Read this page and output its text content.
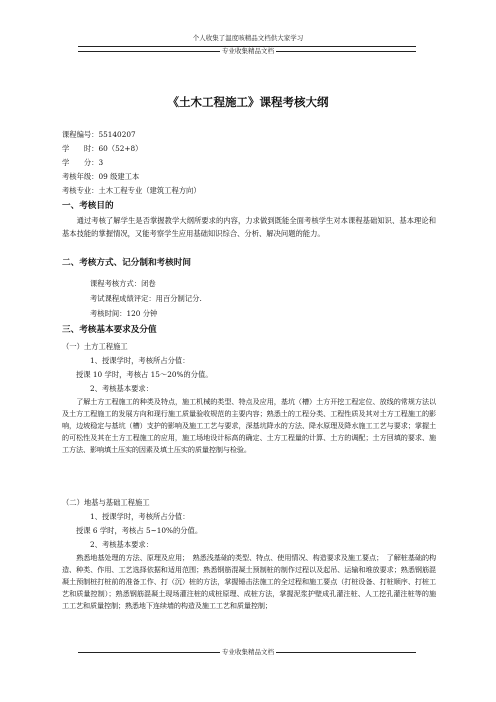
个人收集了温度咳精品文档供大家学习
专业收集精品文档
《土木工程施工》课程考核大纲
课程编号：55140207
学　　时：60（52+8）
学　　分：3
考核年级：09 级建工本
考核专业：土木工程专业（建筑工程方向）
一、考核目的

通过考核了解学生是否掌握教学大纲所要求的内容，力求做到既能全面考核学生对本课程基础知识、基本理论和基本技能的掌握情况，又能考察学生应用基础知识综合、分析、解决问题的能力。

二、考核方式、记分制和考核时间
课程考核方式：闭卷
考试课程成绩评定：用百分制记分.
考核时间：120 分钟
三、考核基本要求及分值
（一）土方工程施工
1、授课学时，考核所占分值：
授课 10 学时，考核占 15～20%的分值。
2、考核基本要求：

了解土方工程施工的种类及特点，施工机械的类型、特点及应用，基坑（槽）土方开挖工程定位、放线的常规方法以及土方工程施工的发展方向和现行施工质量验收规范的主要内容；熟悉土的工程分类、工程性质及其对土方工程施工的影响，边坡稳定与基坑（槽）支护的影响及施工工艺与要求，深基坑降水的方法、降水原理及降水施工工艺与要求；掌握土的可松性及其在土方工程施工的应用，施工场地设计标高的确定、土方工程量的计算、土方的调配；土方回填的要求、施工方法、影响填土压实的因素及填土压实的质量控制与检验。

（二）地基与基础工程施工
1、授课学时，考核所占分值：
授课 6 学时，考核占 5~10%的分值。
2、考核基本要求：

熟悉地基处理的方法、原理及应用；　熟悉浅基础的类型、特点、使用情况、构造要求及施工要点；　了解桩基础的构造、种类、作用、工艺选择依据和适用范围；熟悉钢筋混凝土预制桩的制作过程以及起吊、运输和堆放要求；熟悉钢筋混凝土预制桩打桩前的准备工作、打（沉）桩的方法，掌握锤击法施工的全过程和施工要点（打桩设备、打桩顺序、打桩工艺和质量控制）；熟悉钢筋混凝土现场灌注桩的成桩原理、成桩方法，掌握泥浆护壁成孔灌注桩、人工挖孔灌注桩等的施工工艺和质量控制；熟悉地下连续墙的构造及施工工艺和质量控制；

专业收集精品文档
